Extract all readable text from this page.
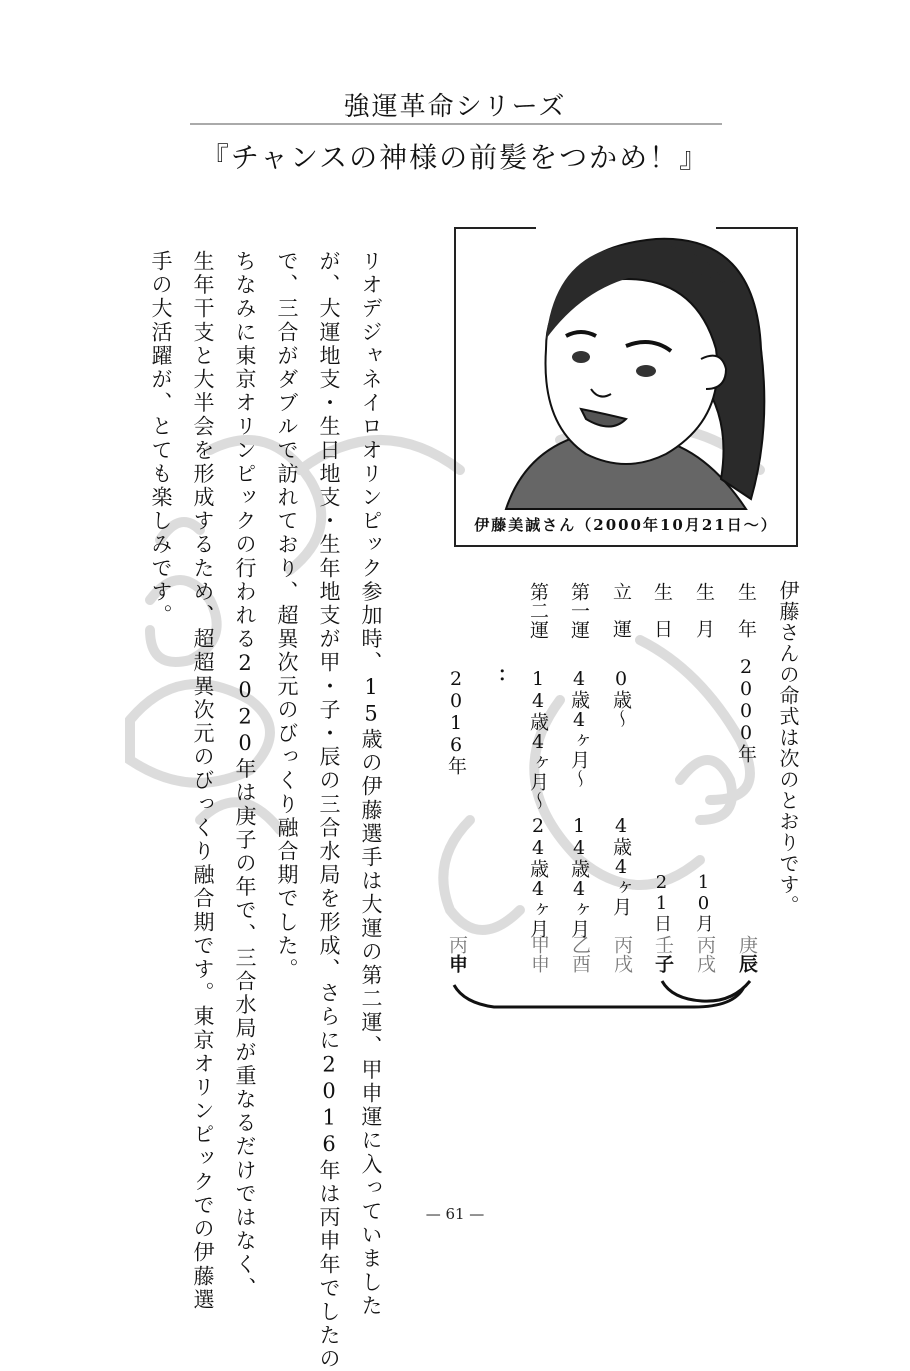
強運革命シリーズ
『チャンスの神様の前髪をつかめ！』
伊藤美誠さん（2000年10月21日～）
伊藤さんの命式は次のとおりです。
生年2000年
生月
10月
生日
21日
立運
0歳～
4歳4ヶ月
第一運
4歳4ヶ月～
14歳4ヶ月
第二運
14歳4ヶ月～
24歳4ヶ月
：
2016年
庚辰
丙戌
壬子
丙戌
乙酉
甲申
丙申
リオデジャネイロオリンピック参加時、15歳の伊藤選手は大運の第二運、甲申運に入っていました
が、大運地支・生日地支・生年地支が甲・子・辰の三合水局を形成、さらに2016年は丙申年でしたの
で、三合がダブルで訪れており、超異次元のびっくり融合期でした。
ちなみに東京オリンピックの行われる2020年は庚子の年で、三合水局が重なるだけではなく、
生年干支と大半会を形成するため、超超異次元のびっくり融合期です。東京オリンピックでの伊藤選
手の大活躍が、とても楽しみです。
— 61 —
